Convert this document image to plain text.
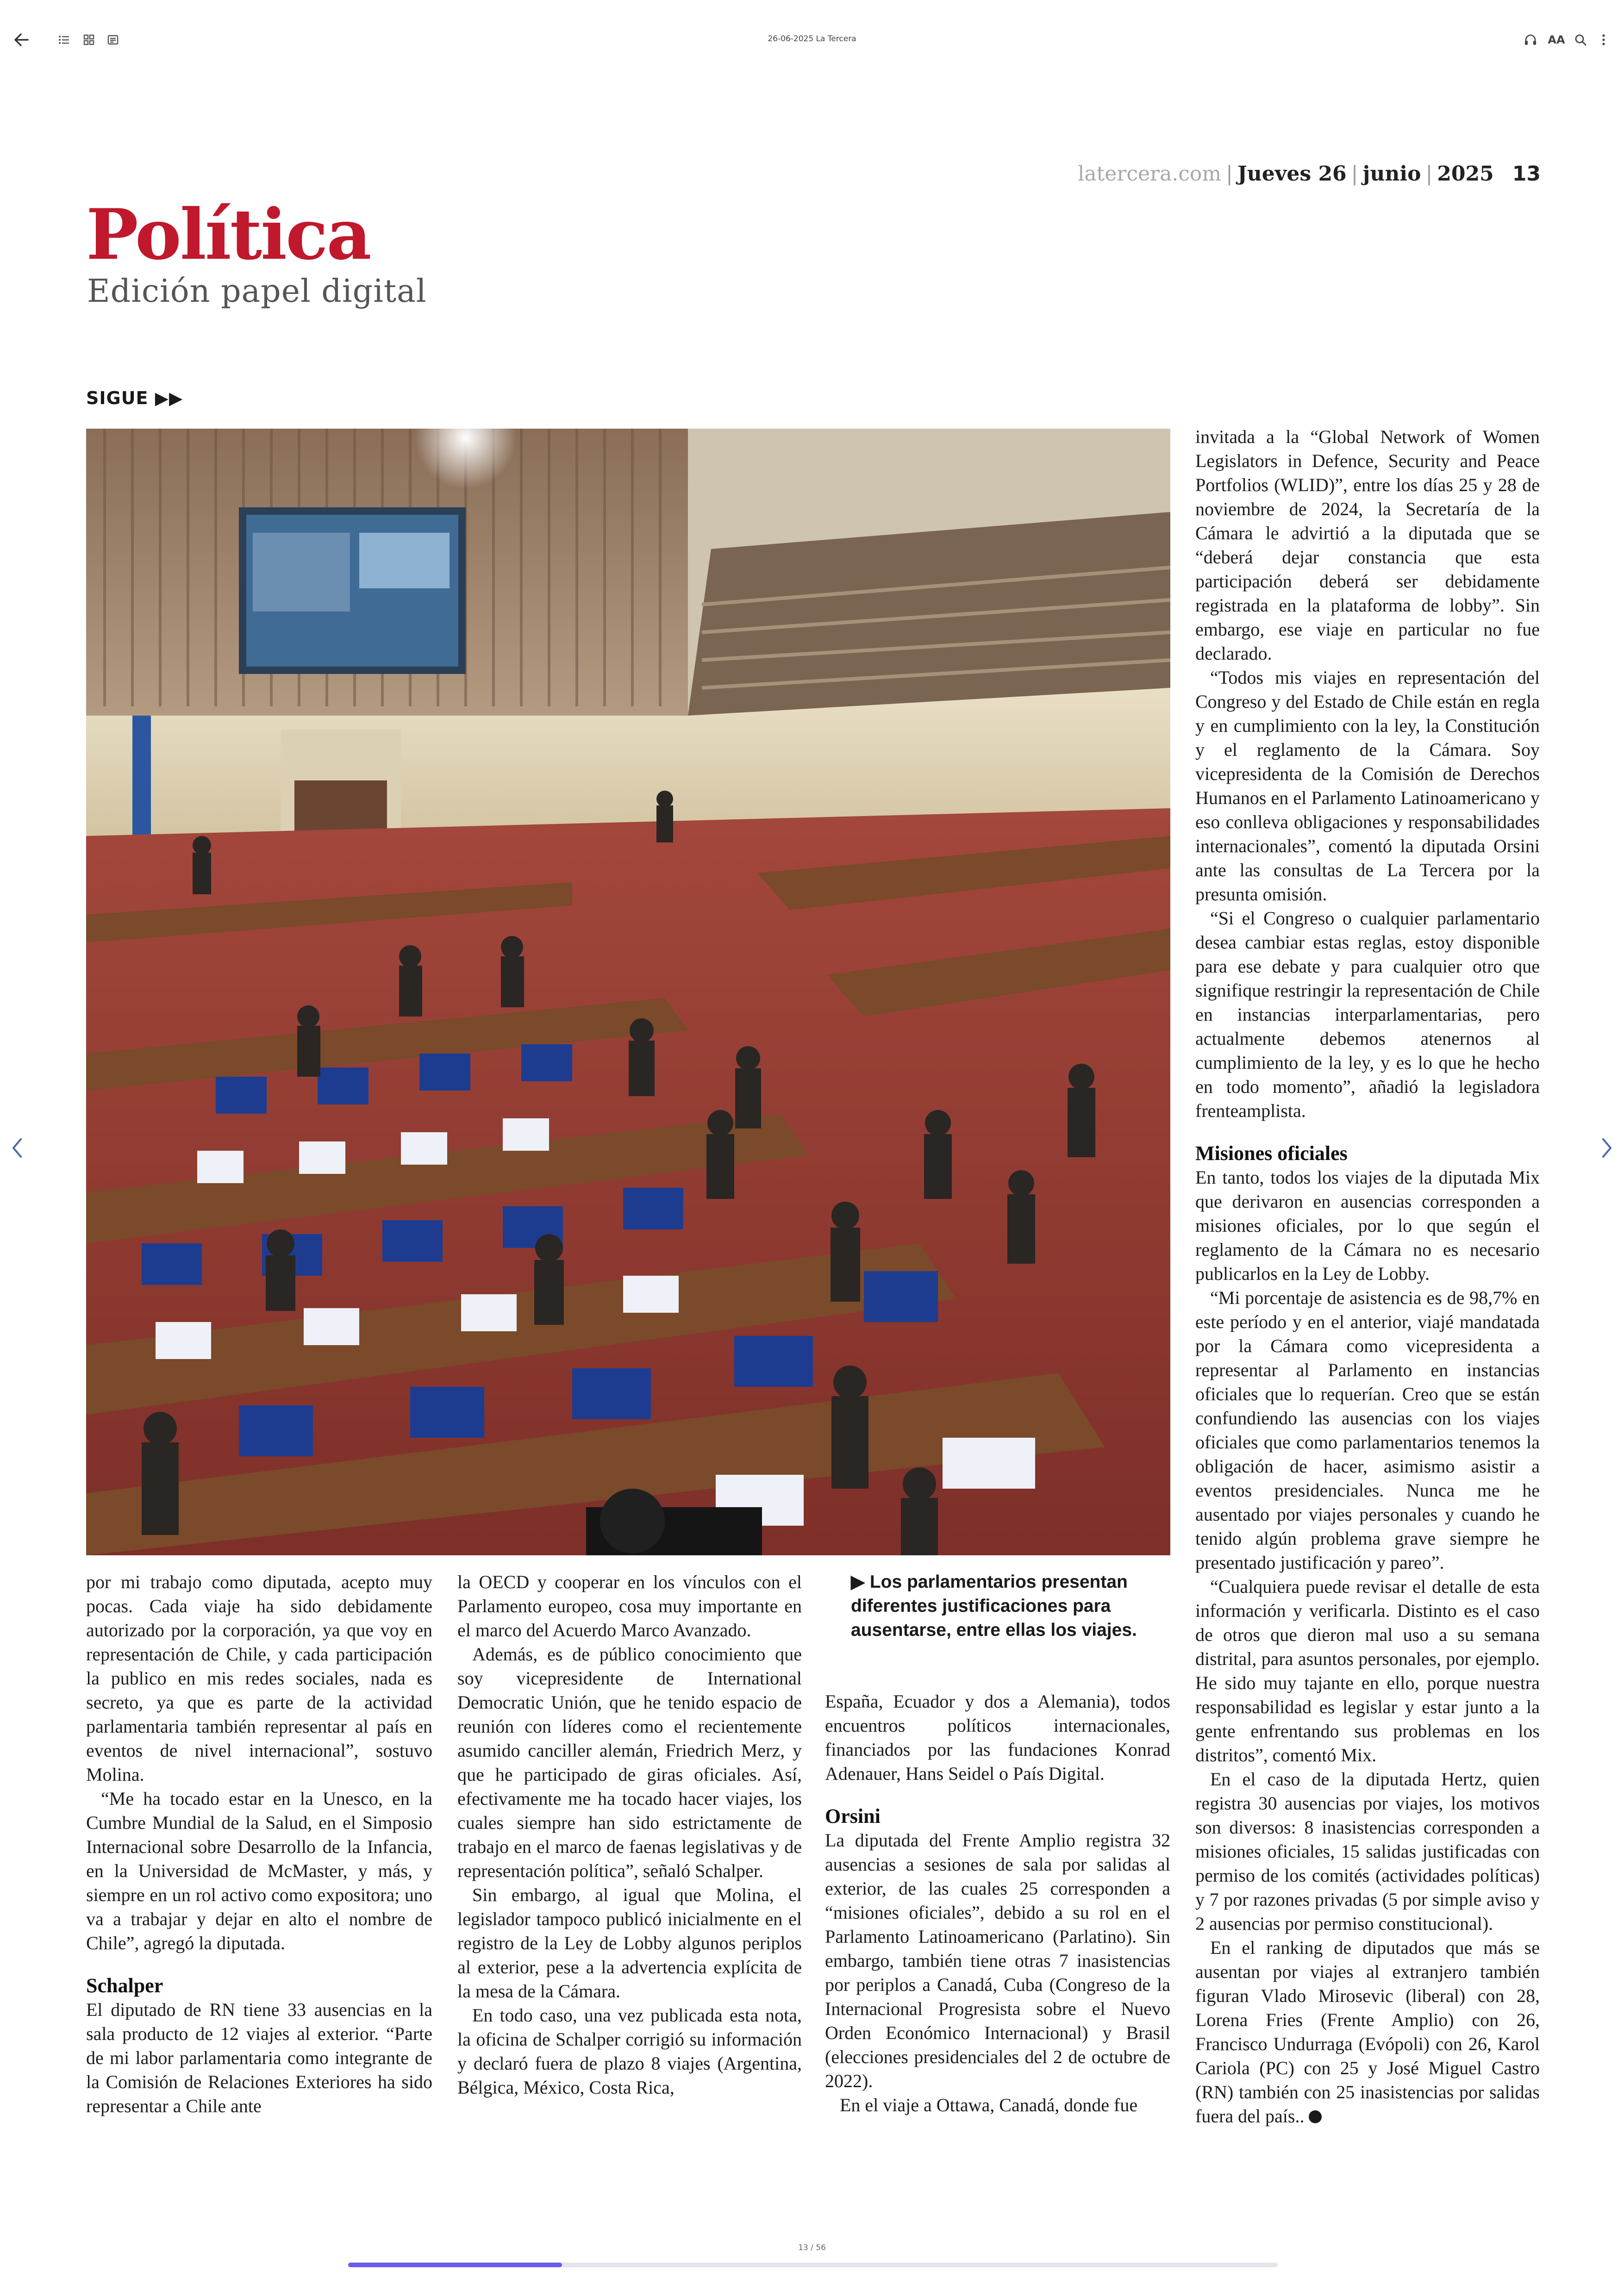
26-06-2025 La Tercera	AA
latercera.com | Jueves 26 | junio | 2025 13
Política
Edición papel digital
SIGUE ▶▶

por mi trabajo como diputada, acepto muy pocas. Cada viaje ha sido debidamente autorizado por la corporación, ya que voy en representación de Chile, y cada participación la publico en mis redes sociales, nada es secreto, ya que es parte de la actividad parlamentaria también representar al país en eventos de nivel internacional”, sostuvo Molina.

“Me ha tocado estar en la Unesco, en la Cumbre Mundial de la Salud, en el Simposio Internacional sobre Desarrollo de la Infancia, en la Universidad de McMaster, y más, y siempre en un rol activo como expositora; uno va a trabajar y dejar en alto el nombre de Chile”, agregó la diputada.

Schalper

El diputado de RN tiene 33 ausencias en la sala producto de 12 viajes al exterior. “Parte de mi labor parlamentaria como integrante de la Comisión de Relaciones Exteriores ha sido representar a Chile ante

la OECD y cooperar en los vínculos con el Parlamento europeo, cosa muy importante en el marco del Acuerdo Marco Avanzado.

Además, es de público conocimiento que soy vicepresidente de International Democratic Unión, que he tenido espacio de reunión con líderes como el recientemente asumido canciller alemán, Friedrich Merz, y que he participado de giras oficiales. Así, efectivamente me ha tocado hacer viajes, los cuales siempre han sido estrictamente de trabajo en el marco de faenas legislativas y de representación política”, señaló Schalper.

Sin embargo, al igual que Molina, el legislador tampoco publicó inicialmente en el registro de la Ley de Lobby algunos periplos al exterior, pese a la advertencia explícita de la mesa de la Cámara.

En todo caso, una vez publicada esta nota, la oficina de Schalper corrigió su información y declaró fuera de plazo 8 viajes (Argentina, Bélgica, México, Costa Rica,

▶ Los parlamentarios presentan diferentes justificaciones para ausentarse, entre ellas los viajes.

España, Ecuador y dos a Alemania), todos encuentros políticos internacionales, financiados por las fundaciones Konrad Adenauer, Hans Seidel o País Digital.

Orsini

La diputada del Frente Amplio registra 32 ausencias a sesiones de sala por salidas al exterior, de las cuales 25 corresponden a “misiones oficiales”, debido a su rol en el Parlamento Latinoamericano (Parlatino). Sin embargo, también tiene otras 7 inasistencias por periplos a Canadá, Cuba (Congreso de la Internacional Progresista sobre el Nuevo Orden Económico Internacional) y Brasil (elecciones presidenciales del 2 de octubre de 2022).

En el viaje a Ottawa, Canadá, donde fue

invitada a la “Global Network of Women Legislators in Defence, Security and Peace Portfolios (WLID)”, entre los días 25 y 28 de noviembre de 2024, la Secretaría de la Cámara le advirtió a la diputada que se “deberá dejar constancia que esta participación deberá ser debidamente registrada en la plataforma de lobby”. Sin embargo, ese viaje en particular no fue declarado.

“Todos mis viajes en representación del Congreso y del Estado de Chile están en regla y en cumplimiento con la ley, la Constitución y el reglamento de la Cámara. Soy vicepresidenta de la Comisión de Derechos Humanos en el Parlamento Latinoamericano y eso conlleva obligaciones y responsabilidades internacionales”, comentó la diputada Orsini ante las consultas de La Tercera por la presunta omisión.

“Si el Congreso o cualquier parlamentario desea cambiar estas reglas, estoy disponible para ese debate y para cualquier otro que signifique restringir la representación de Chile en instancias interparlamentarias, pero actualmente debemos atenernos al cumplimiento de la ley, y es lo que he hecho en todo momento”, añadió la legisladora frenteamplista.

Misiones oficiales

En tanto, todos los viajes de la diputada Mix que derivaron en ausencias corresponden a misiones oficiales, por lo que según el reglamento de la Cámara no es necesario publicarlos en la Ley de Lobby.

“Mi porcentaje de asistencia es de 98,7% en este período y en el anterior, viajé mandatada por la Cámara como vicepresidenta a representar al Parlamento en instancias oficiales que lo requerían. Creo que se están confundiendo las ausencias con los viajes oficiales que como parlamentarios tenemos la obligación de hacer, asimismo asistir a eventos presidenciales. Nunca me he ausentado por viajes personales y cuando he tenido algún problema grave siempre he presentado justificación y pareo”.

“Cualquiera puede revisar el detalle de esta información y verificarla. Distinto es el caso de otros que dieron mal uso a su semana distrital, para asuntos personales, por ejemplo. He sido muy tajante en ello, porque nuestra responsabilidad es legislar y estar junto a la gente enfrentando sus problemas en los distritos”, comentó Mix.

En el caso de la diputada Hertz, quien registra 30 ausencias por viajes, los motivos son diversos: 8 inasistencias corresponden a misiones oficiales, 15 salidas justificadas con permiso de los comités (actividades políticas) y 7 por razones privadas (5 por simple aviso y 2 ausencias por permiso constitucional).

En el ranking de diputados que más se ausentan por viajes al extranjero también figuran Vlado Mirosevic (liberal) con 28, Lorena Fries (Frente Amplio) con 26, Francisco Undurraga (Evópoli) con 26, Karol Cariola (PC) con 25 y José Miguel Castro (RN) también con 25 inasistencias por salidas fuera del país..

13 / 56
